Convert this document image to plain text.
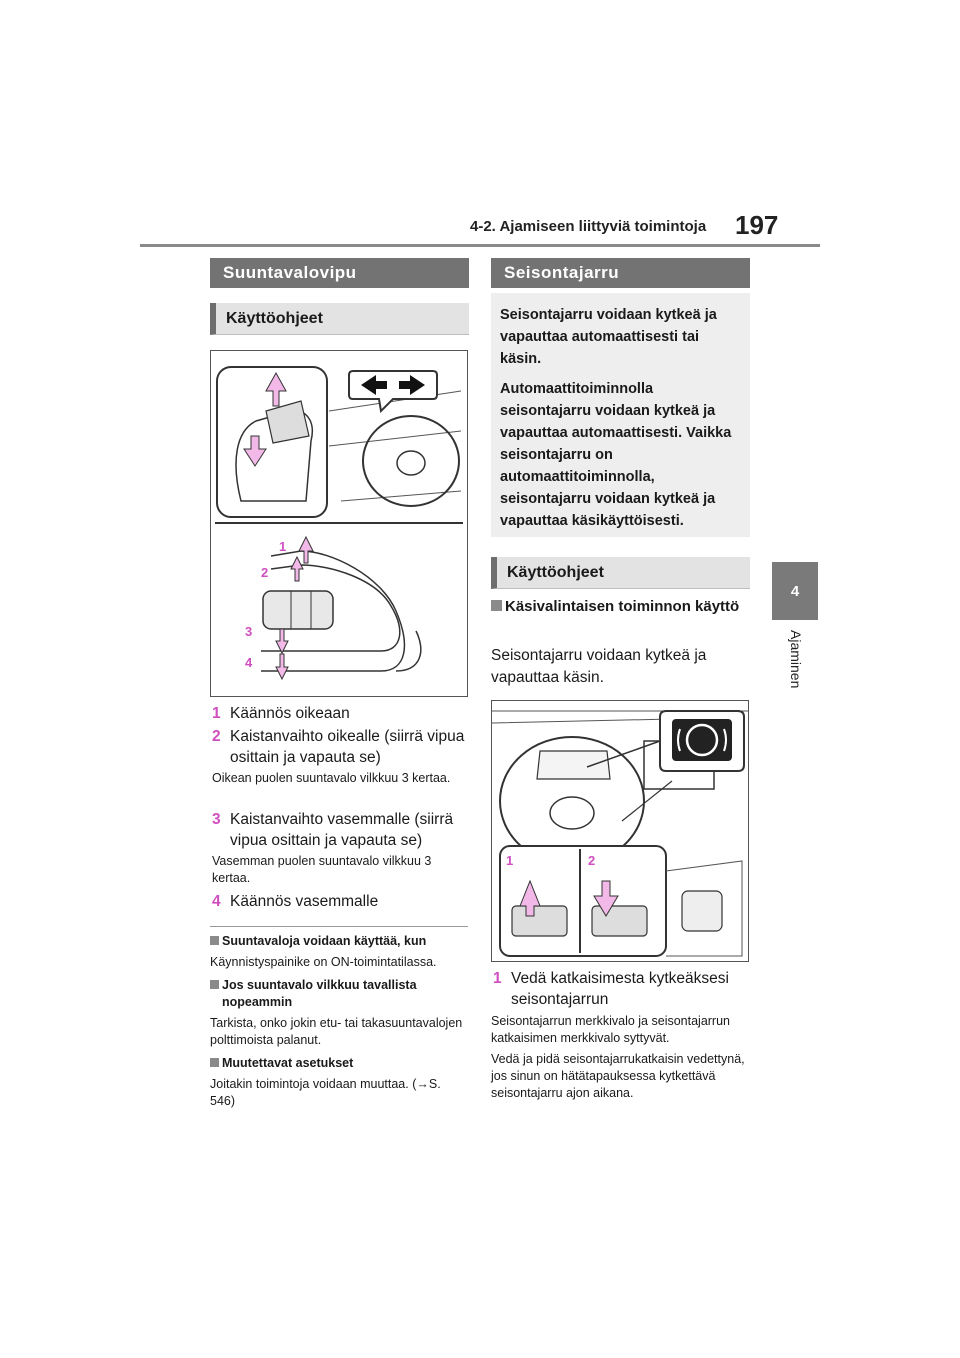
4-2. Ajamiseen liittyviä toimintoja 197
4
Ajaminen
Suuntavalovipu
Käyttöohjeet
1
2
3
4
1 Käännös oikeaan
2 Kaistanvaihto oikealle (siirrä vipua osittain ja vapauta se)
Oikean puolen suuntavalo vilkkuu 3 kertaa.
3 Kaistanvaihto vasemmalle (siirrä vipua osittain ja vapauta se)
Vasemman puolen suuntavalo vilkkuu 3 kertaa.
4 Käännös vasemmalle
Suuntavaloja voidaan käyttää, kun
Käynnistyspainike on ON-toimintatilassa.
Jos suuntavalo vilkkuu tavallista nopeammin
Tarkista, onko jokin etu- tai takasuuntavalojen polttimoista palanut.
Muutettavat asetukset
Joitakin toimintoja voidaan muuttaa. (→S. 546)
Seisontajarru
Seisontajarru voidaan kytkeä ja vapauttaa automaattisesti tai käsin.
Automaattitoiminnolla seisontajarru voidaan kytkeä ja vapauttaa automaattisesti. Vaikka seisontajarru on automaattitoiminnolla, seisontajarru voidaan kytkeä ja vapauttaa käsikäyttöisesti.
Käyttöohjeet
Käsivalintaisen toiminnon käyttö
Seisontajarru voidaan kytkeä ja vapauttaa käsin.
1	2
1 Vedä katkaisimesta kytkeäksesi seisontajarrun
Seisontajarrun merkkivalo ja seisontajarrun katkaisimen merkkivalo syttyvät.
Vedä ja pidä seisontajarrukatkaisin vedettynä, jos sinun on hätätapauksessa kytkettävä seisontajarru ajon aikana.
